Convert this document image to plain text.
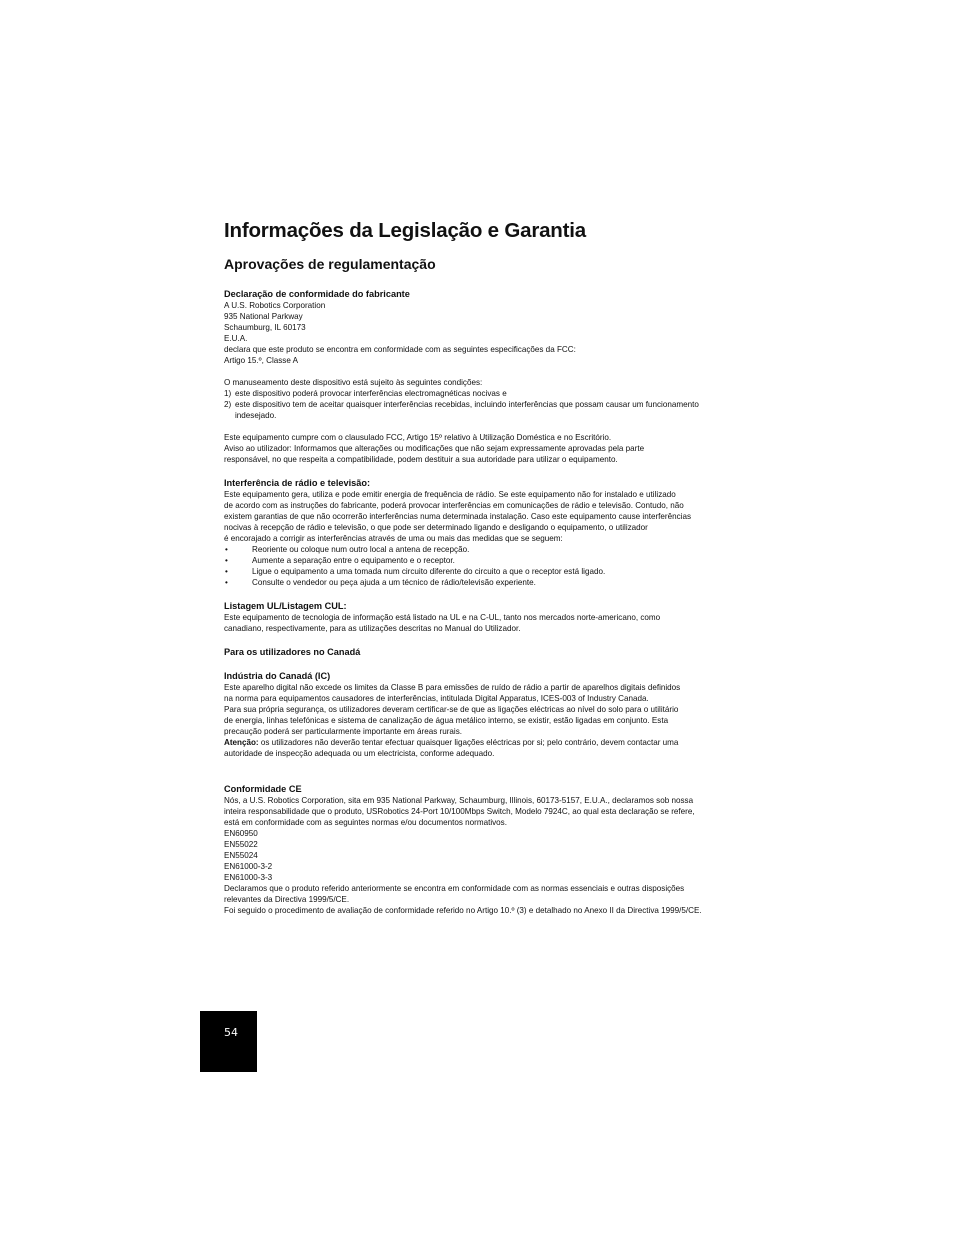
Informações da Legislação e Garantia
Aprovações de regulamentação
Declaração de conformidade do fabricante
A U.S. Robotics Corporation
935 National Parkway
Schaumburg, IL 60173
E.U.A.
declara que este produto se encontra em conformidade com as seguintes especificações da FCC:
Artigo 15.º, Classe A
O manuseamento deste dispositivo está sujeito às seguintes condições:
1) este dispositivo poderá provocar interferências electromagnéticas nocivas e
2) este dispositivo tem de aceitar quaisquer interferências recebidas, incluindo interferências que possam causar um funcionamento indesejado.
Este equipamento cumpre com o clausulado FCC, Artigo 15º relativo à Utilização Doméstica e no Escritório.
Aviso ao utilizador: Informamos que alterações ou modificações que não sejam expressamente aprovadas pela parte
responsável, no que respeita a compatibilidade, podem destituir a sua autoridade para utilizar o equipamento.
Interferência de rádio e televisão:
Este equipamento gera, utiliza e pode emitir energia de frequência de rádio. Se este equipamento não for instalado e utilizado
de acordo com as instruções do fabricante, poderá provocar interferências em comunicações de rádio e televisão. Contudo, não
existem garantias de que não ocorrerão interferências numa determinada instalação. Caso este equipamento cause interferências
nocivas à recepção de rádio e televisão, o que pode ser determinado ligando e desligando o equipamento, o utilizador
é encorajado a corrigir as interferências através de uma ou mais das medidas que se seguem:
•	Reoriente ou coloque num outro local a antena de recepção.
•	Aumente a separação entre o equipamento e o receptor.
•	Ligue o equipamento a uma tomada num circuito diferente do circuito a que o receptor está ligado.
•	Consulte o vendedor ou peça ajuda a um técnico de rádio/televisão experiente.
Listagem UL/Listagem CUL:
Este equipamento de tecnologia de informação está listado na UL e na C-UL, tanto nos mercados norte-americano, como
canadiano, respectivamente, para as utilizações descritas no Manual do Utilizador.
Para os utilizadores no Canadá
Indústria do Canadá (IC)
Este aparelho digital não excede os limites da Classe B para emissões de ruído de rádio a partir de aparelhos digitais definidos
na norma para equipamentos causadores de interferências, intitulada Digital Apparatus, ICES-003 of Industry Canada.
Para sua própria segurança, os utilizadores deveram certificar-se de que as ligações eléctricas ao nível do solo para o utilitário
de energia, linhas telefónicas e sistema de canalização de água metálico interno, se existir, estão ligadas em conjunto. Esta
precaução poderá ser particularmente importante em áreas rurais.
Atenção: os utilizadores não deverão tentar efectuar quaisquer ligações eléctricas por si; pelo contrário, devem contactar uma
autoridade de inspecção adequada ou um electricista, conforme adequado.
Conformidade CE
Nós, a U.S. Robotics Corporation, sita em 935 National Parkway, Schaumburg, Illinois, 60173-5157, E.U.A., declaramos sob nossa
inteira responsabilidade que o produto, USRobotics 24-Port 10/100Mbps Switch, Modelo 7924C, ao qual esta declaração se refere,
está em conformidade com as seguintes normas e/ou documentos normativos.
EN60950
EN55022
EN55024
EN61000-3-2
EN61000-3-3
Declaramos que o produto referido anteriormente se encontra em conformidade com as normas essenciais e outras disposições
relevantes da Directiva 1999/5/CE.
Foi seguido o procedimento de avaliação de conformidade referido no Artigo 10.º (3) e detalhado no Anexo II da Directiva 1999/5/CE.
54
